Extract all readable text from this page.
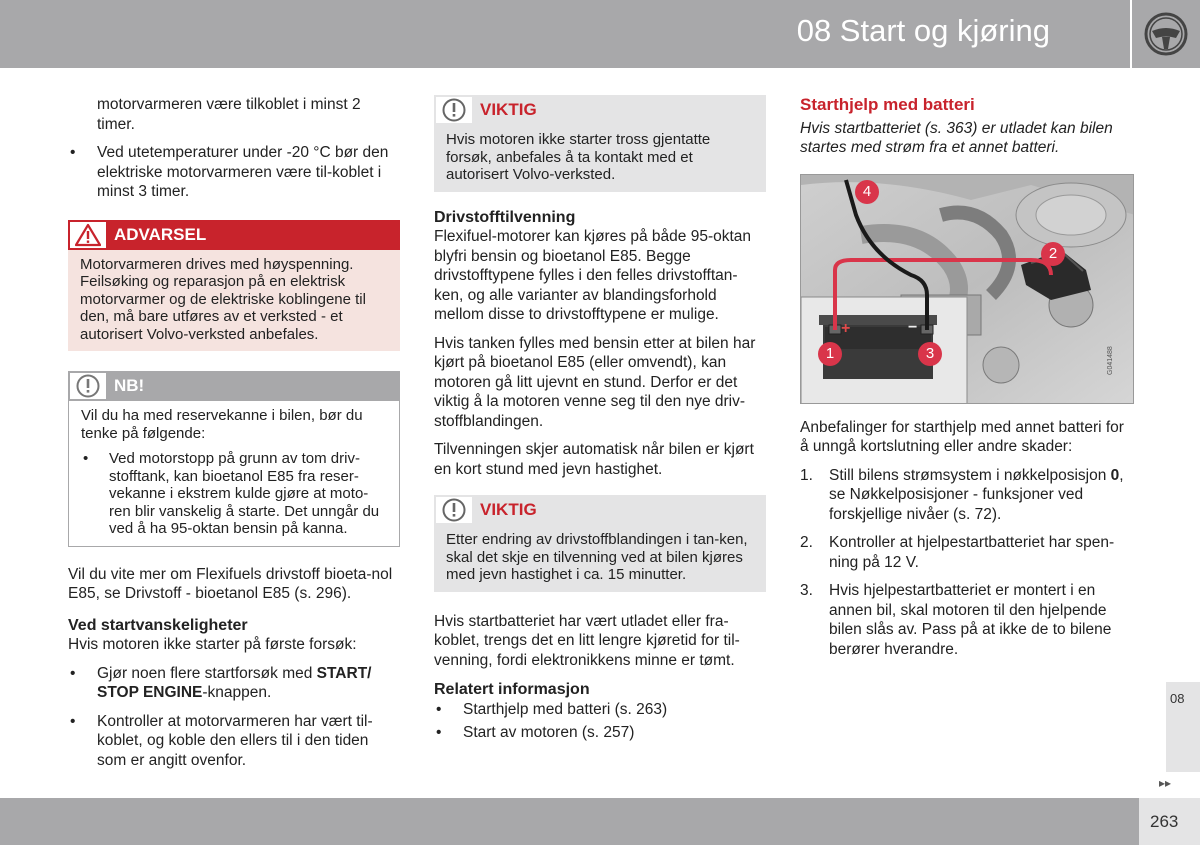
08 Start og kjøring

motorvarmeren være tilkoblet i minst 2 timer.

• Ved utetemperaturer under -20 °C bør den elektriske motorvarmeren være til-koblet i minst 3 timer.
ADVARSEL
Motorvarmeren drives med høyspenning. Feilsøking og reparasjon på en elektrisk motorvarmer og de elektriske koblingene til den, må bare utføres av et verksted - et autorisert Volvo-verksted anbefales.
NB!
Vil du ha med reservekanne i bilen, bør du tenke på følgende:
• Ved motorstopp på grunn av tom driv-stofftank, kan bioetanol E85 fra reser-vekanne i ekstrem kulde gjøre at moto-ren blir vanskelig å starte. Det unngår du ved å ha 95-oktan bensin på kanna.

Vil du vite mer om Flexifuels drivstoff bioeta-nol E85, se Drivstoff - bioetanol E85 (s. 296).

Ved startvanskeligheter

Hvis motoren ikke starter på første forsøk:

• Gjør noen flere startforsøk med START/ STOP ENGINE-knappen.
• Kontroller at motorvarmeren har vært til-koblet, og koble den ellers til i den tiden som er angitt ovenfor.
VIKTIG
Hvis motoren ikke starter tross gjentatte forsøk, anbefales å ta kontakt med et autorisert Volvo-verksted.
Drivstofftilvenning

Flexifuel-motorer kan kjøres på både 95-oktan blyfri bensin og bioetanol E85. Begge drivstofftypene fylles i den felles drivstofftan-ken, og alle varianter av blandingsforhold mellom disse to drivstofftypene er mulige.

Hvis tanken fylles med bensin etter at bilen har kjørt på bioetanol E85 (eller omvendt), kan motoren gå litt ujevnt en stund. Derfor er det viktig å la motoren venne seg til den nye driv-stoffblandingen.

Tilvenningen skjer automatisk når bilen er kjørt en kort stund med jevn hastighet.

VIKTIG
Etter endring av drivstoffblandingen i tan-ken, skal det skje en tilvenning ved at bilen kjøres med jevn hastighet i ca. 15 minutter.

Hvis startbatteriet har vært utladet eller fra-koblet, trengs det en litt lengre kjøretid for til-venning, fordi elektronikkens minne er tømt.

Relatert informasjon
• Starthjelp med batteri (s. 263)
• Start av motoren (s. 257)
Starthjelp med batteri

Hvis startbatteriet (s. 363) er utladet kan bilen startes med strøm fra et annet batteri.

+	−
4
2
1	3	G041488

Anbefalinger for starthjelp med annet batteri for å unngå kortslutning eller andre skader:

1. Still bilens strømsystem i nøkkelposisjon 0, se Nøkkelposisjoner - funksjoner ved forskjellige nivåer (s. 72).
2. Kontroller at hjelpestartbatteriet har spen-ning på 12 V.
3. Hvis hjelpestartbatteriet er montert i en annen bil, skal motoren til den hjelpende bilen slås av. Pass på at ikke de to bilene berører hverandre.
08
▸▸
263
